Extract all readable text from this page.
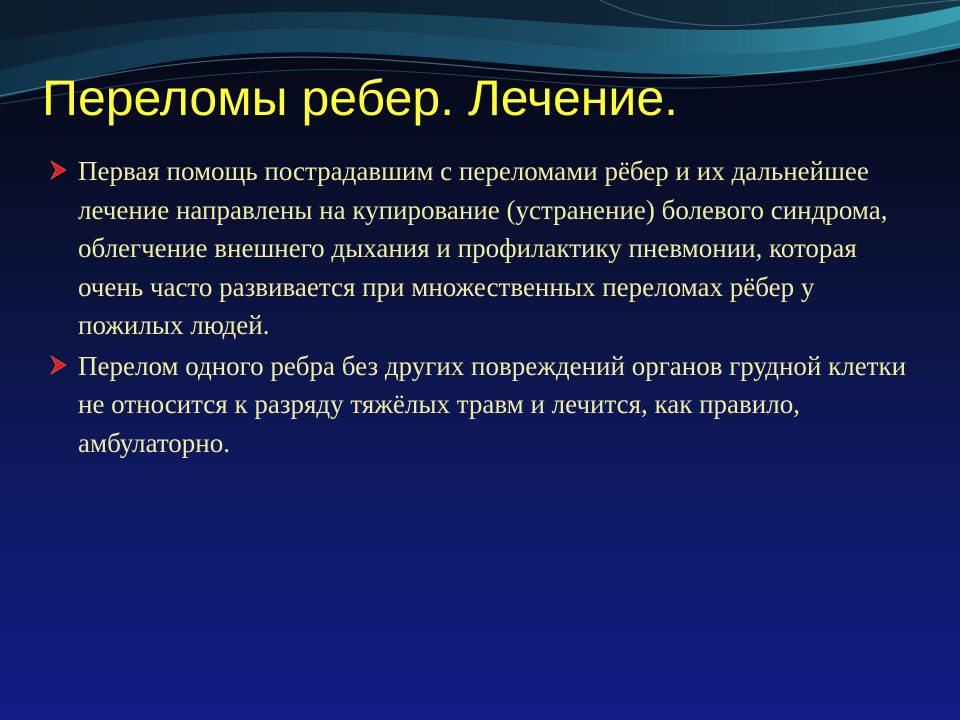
Переломы ребер. Лечение.
Первая помощь пострадавшим с переломами рёбер и их дальнейшее лечение направлены на купирование (устранение) болевого синдрома, облегчение внешнего дыхания и профилактику пневмонии, которая очень часто развивается при множественных переломах рёбер у пожилых людей.
Перелом одного ребра без других повреждений органов грудной клетки не относится к разряду тяжёлых травм и лечится, как правило, амбулаторно.
